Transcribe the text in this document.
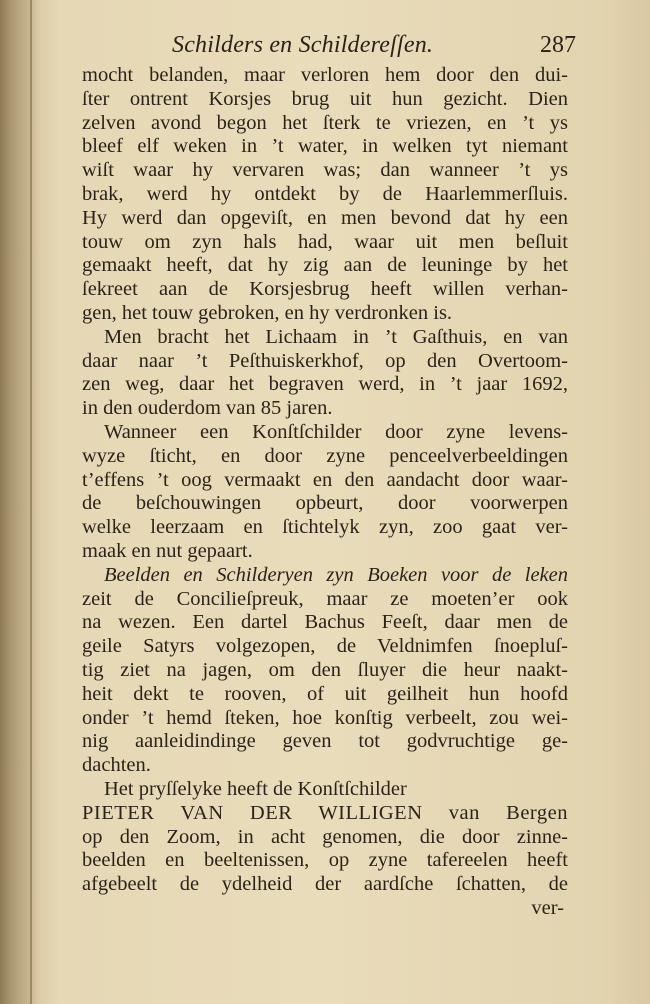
Schilders en Schildereſſen.	287
mocht belanden, maar verloren hem door den dui-
ſter ontrent Korsjes brug uit hun gezicht. Dien
zelven avond begon het ſterk te vriezen, en ’t ys
bleef elf weken in ’t water, in welken tyt niemant
wiſt waar hy vervaren was; dan wanneer ’t ys
brak, werd hy ontdekt by de Haarlemmerſluis.
Hy werd dan opgeviſt, en men bevond dat hy een
touw om zyn hals had, waar uit men beſluit
gemaakt heeft, dat hy zig aan de leuninge by het
ſekreet aan de Korsjesbrug heeft willen verhan-
gen, het touw gebroken, en hy verdronken is.
Men bracht het Lichaam in ’t Gaſthuis, en van
daar naar ’t Peſthuiskerkhof, op den Overtoom-
zen weg, daar het begraven werd, in ’t jaar 1692,
in den ouderdom van 85 jaren.
Wanneer een Konſtſchilder door zyne levens-
wyze ſticht, en door zyne penceelverbeeldingen
t’effens ’t oog vermaakt en den aandacht door waar-
de beſchouwingen opbeurt, door voorwerpen
welke leerzaam en ſtichtelyk zyn, zoo gaat ver-
maak en nut gepaart.
Beelden en Schilderyen zyn Boeken voor de leken
zeit de Concilieſpreuk, maar ze moeten’er ook
na wezen. Een dartel Bachus Feeſt, daar men de
geile Satyrs volgezopen, de Veldnimfen ſnoepluſ-
tig ziet na jagen, om den ſluyer die heur naakt-
heit dekt te rooven, of uit geilheit hun hoofd
onder ’t hemd ſteken, hoe konſtig verbeelt, zou wei-
nig aanleidindinge geven tot godvruchtige ge-
dachten.
Het pryſſelyke heeft de Konſtſchilder
PIETER VAN DER WILLIGEN van Bergen
op den Zoom, in acht genomen, die door zinne-
beelden en beeltenissen, op zyne tafereelen heeft
afgebeelt de ydelheid der aardſche ſchatten, de
ver-
